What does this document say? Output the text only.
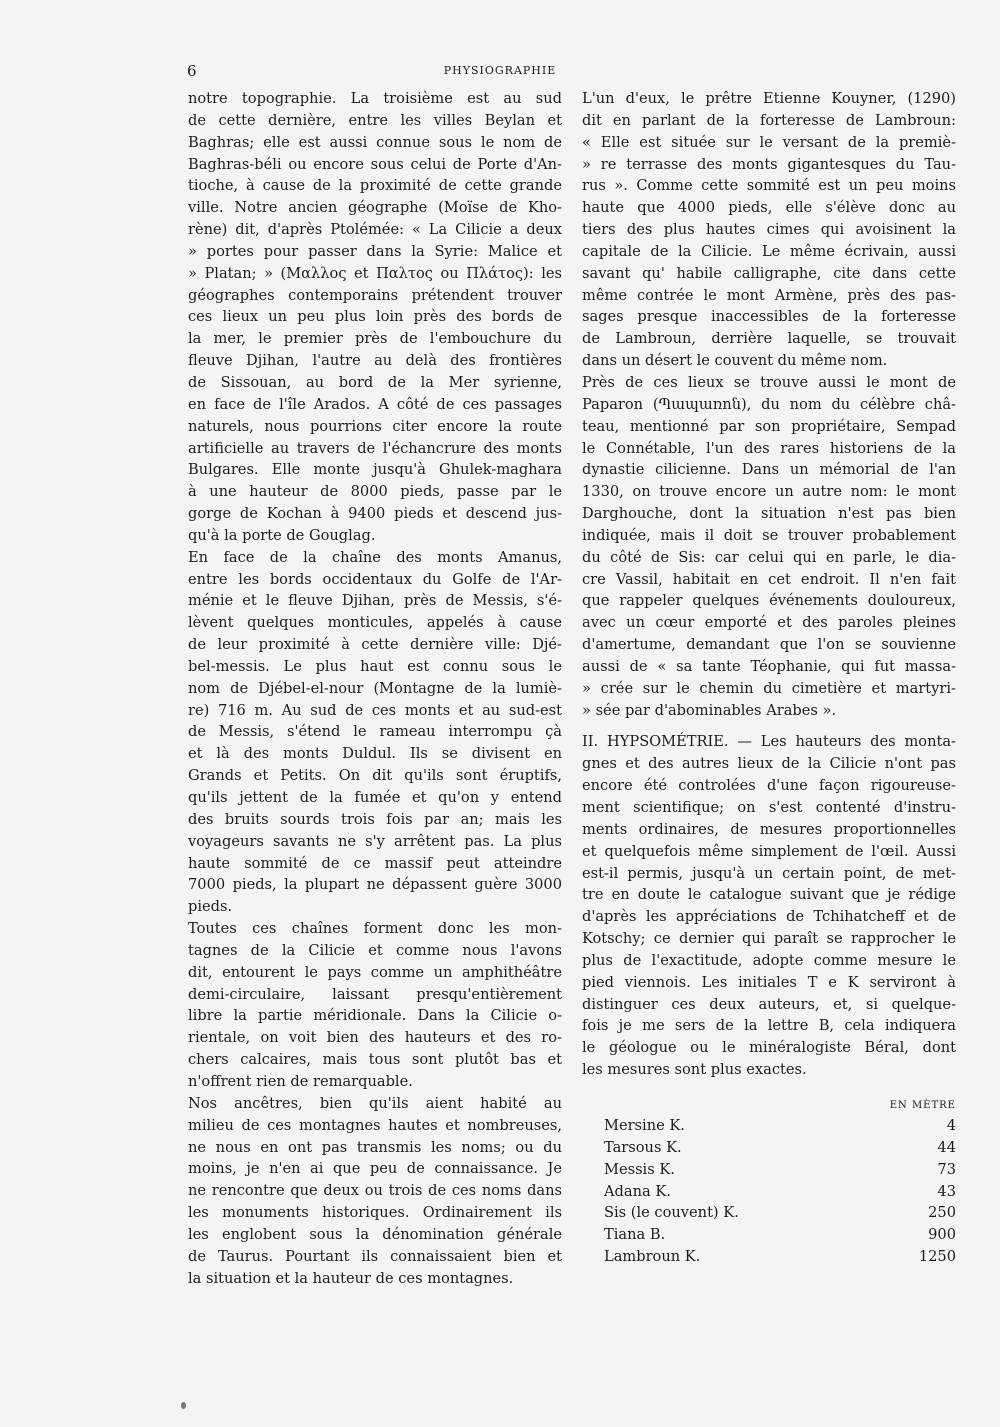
6	PHYSIOGRAPHIE
notre topographie. La troisième est au sud
de cette dernière, entre les villes Beylan et
Baghras; elle est aussi connue sous le nom de
Baghras-béli ou encore sous celui de Porte d'An-
tioche, à cause de la proximité de cette grande
ville. Notre ancien géographe (Moïse de Kho-
rène) dit, d'après Ptolémée: « La Cilicie a deux
» portes pour passer dans la Syrie: Malice et
» Platan; » (Μαλλος et Παλτος ou Πλάτος): les
géographes contemporains prétendent trouver
ces lieux un peu plus loin près des bords de
la mer, le premier près de l'embouchure du
fleuve Djihan, l'autre au delà des frontières
de Sissouan, au bord de la Mer syrienne,
en face de l'île Arados. A côté de ces passages
naturels, nous pourrions citer encore la route
artificielle au travers de l'échancrure des monts
Bulgares. Elle monte jusqu'à Ghulek-maghara
à une hauteur de 8000 pieds, passe par le
gorge de Kochan à 9400 pieds et descend jus-
qu'à la porte de Gouglag.
En face de la chaîne des monts Amanus,
entre les bords occidentaux du Golfe de l'Ar-
ménie et le fleuve Djihan, près de Messis, s'é-
lèvent quelques monticules, appelés à cause
de leur proximité à cette dernière ville: Djé-
bel-messis. Le plus haut est connu sous le
nom de Djébel-el-nour (Montagne de la lumiè-
re) 716 m. Au sud de ces monts et au sud-est
de Messis, s'étend le rameau interrompu çà
et là des monts Duldul. Ils se divisent en
Grands et Petits. On dit qu'ils sont éruptifs,
qu'ils jettent de la fumée et qu'on y entend
des bruits sourds trois fois par an; mais les
voyageurs savants ne s'y arrêtent pas. La plus
haute sommité de ce massif peut atteindre
7000 pieds, la plupart ne dépassent guère 3000
pieds.
Toutes ces chaînes forment donc les mon-
tagnes de la Cilicie et comme nous l'avons
dit, entourent le pays comme un amphithéâtre
demi-circulaire, laissant presqu'entièrement
libre la partie méridionale. Dans la Cilicie o-
rientale, on voit bien des hauteurs et des ro-
chers calcaires, mais tous sont plutôt bas et
n'offrent rien de remarquable.
Nos ancêtres, bien qu'ils aient habité au
milieu de ces montagnes hautes et nombreuses,
ne nous en ont pas transmis les noms; ou du
moins, je n'en ai que peu de connaissance. Je
ne rencontre que deux ou trois de ces noms dans
les monuments historiques. Ordinairement ils
les englobent sous la dénomination générale
de Taurus. Pourtant ils connaissaient bien et
la situation et la hauteur de ces montagnes.
L'un d'eux, le prêtre Etienne Kouyner, (1290)
dit en parlant de la forteresse de Lambroun:
« Elle est située sur le versant de la premiè-
» re terrasse des monts gigantesques du Tau-
rus ». Comme cette sommité est un peu moins
haute que 4000 pieds, elle s'élève donc au
tiers des plus hautes cimes qui avoisinent la
capitale de la Cilicie. Le même écrivain, aussi
savant qu' habile calligraphe, cite dans cette
même contrée le mont Armène, près des pas-
sages presque inaccessibles de la forteresse
de Lambroun, derrière laquelle, se trouvait
dans un désert le couvent du même nom.
Près de ces lieux se trouve aussi le mont de
Paparon (Պապառոն), du nom du célèbre châ-
teau, mentionné par son propriétaire, Sempad
le Connétable, l'un des rares historiens de la
dynastie cilicienne. Dans un mémorial de l'an
1330, on trouve encore un autre nom: le mont
Darghouche, dont la situation n'est pas bien
indiquée, mais il doit se trouver probablement
du côté de Sis: car celui qui en parle, le dia-
cre Vassil, habitait en cet endroit. Il n'en fait
que rappeler quelques événements douloureux,
avec un cœur emporté et des paroles pleines
d'amertume, demandant que l'on se souvienne
aussi de « sa tante Téophanie, qui fut massa-
» crée sur le chemin du cimetière et martyri-
» sée par d'abominables Arabes ».
II. HYPSOMÉTRIE. — Les hauteurs des monta-
gnes et des autres lieux de la Cilicie n'ont pas
encore été controlées d'une façon rigoureuse-
ment scientifique; on s'est contenté d'instru-
ments ordinaires, de mesures proportionnelles
et quelquefois même simplement de l'œil. Aussi
est-il permis, jusqu'à un certain point, de met-
tre en doute le catalogue suivant que je rédige
d'après les appréciations de Tchihatcheff et de
Kotschy; ce dernier qui paraît se rapprocher le
plus de l'exactitude, adopte comme mesure le
pied viennois. Les initiales T e K serviront à
distinguer ces deux auteurs, et, si quelque-
fois je me sers de la lettre B, cela indiquera
le géologue ou le minéralogiste Béral, dont
les mesures sont plus exactes.
EN MÈTRE
Mersine K.	4
Tarsous K.	44
Messis K.	73
Adana K.	43
Sis (le couvent) K.	250
Tiana B.	900
Lambroun K.	1250
